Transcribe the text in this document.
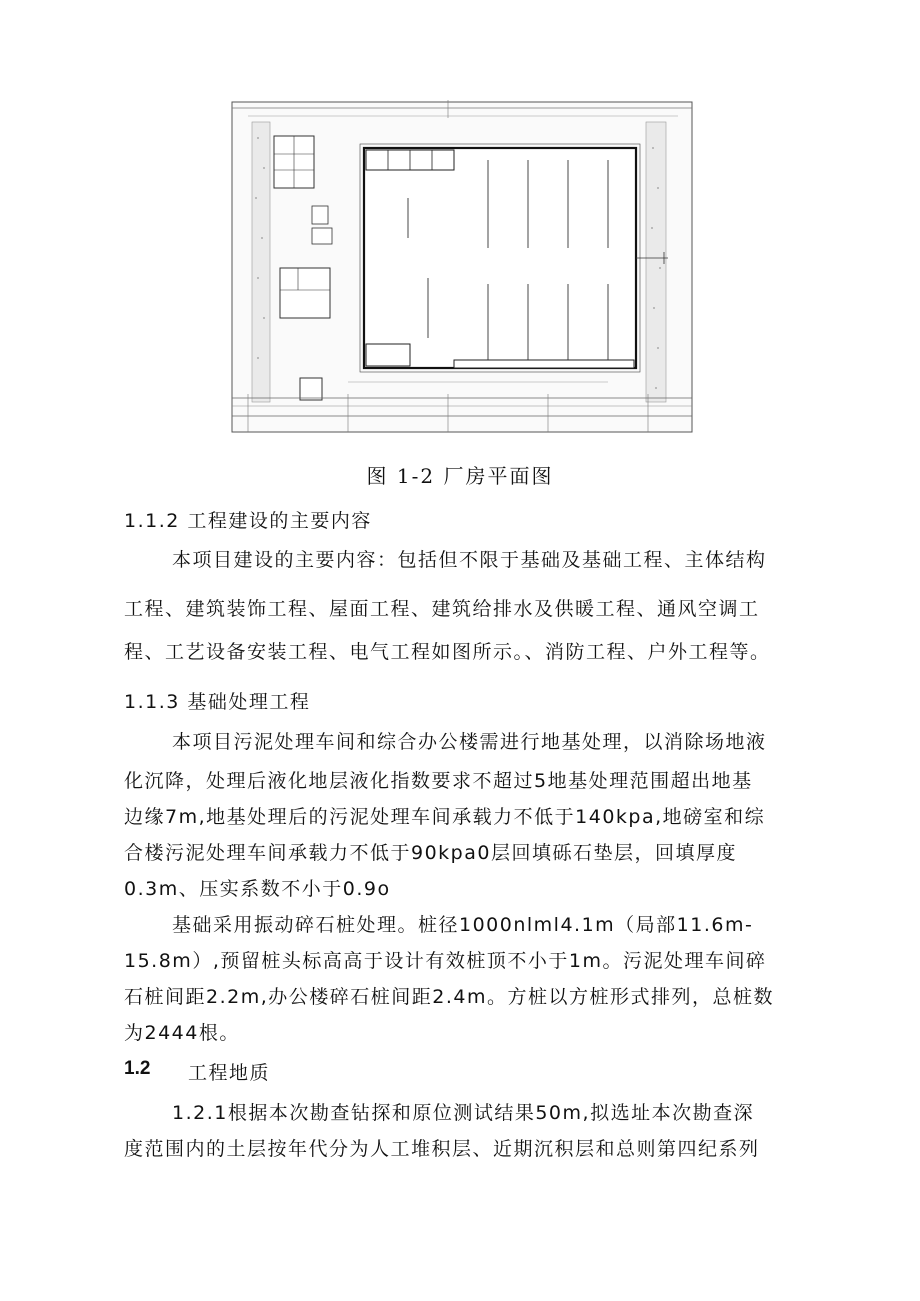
图 1-2 厂房平面图
1.1.2 工程建设的主要内容
本项目建设的主要内容：包括但不限于基础及基础工程、主体结构
工程、建筑装饰工程、屋面工程、建筑给排水及供暖工程、通风空调工
程、工艺设备安装工程、电气工程如图所示。、消防工程、户外工程等。
1.1.3 基础处理工程
本项目污泥处理车间和综合办公楼需进行地基处理，以消除场地液
化沉降，处理后液化地层液化指数要求不超过5地基处理范围超出地基
边缘7m,地基处理后的污泥处理车间承载力不低于140kpa,地磅室和综
合楼污泥处理车间承载力不低于90kpa0层回填砾石垫层，回填厚度
0.3m、压实系数不小于0.9o
基础采用振动碎石桩处理。桩径1000nlml4.1m（局部11.6m-
15.8m）,预留桩头标高高于设计有效桩顶不小于1m。污泥处理车间碎
石桩间距2.2m,办公楼碎石桩间距2.4m。方桩以方桩形式排列，总桩数
为2444根。
1.2 工程地质
1.2.1根据本次勘查钻探和原位测试结果50m,拟选址本次勘查深
度范围内的土层按年代分为人工堆积层、近期沉积层和总则第四纪系列
